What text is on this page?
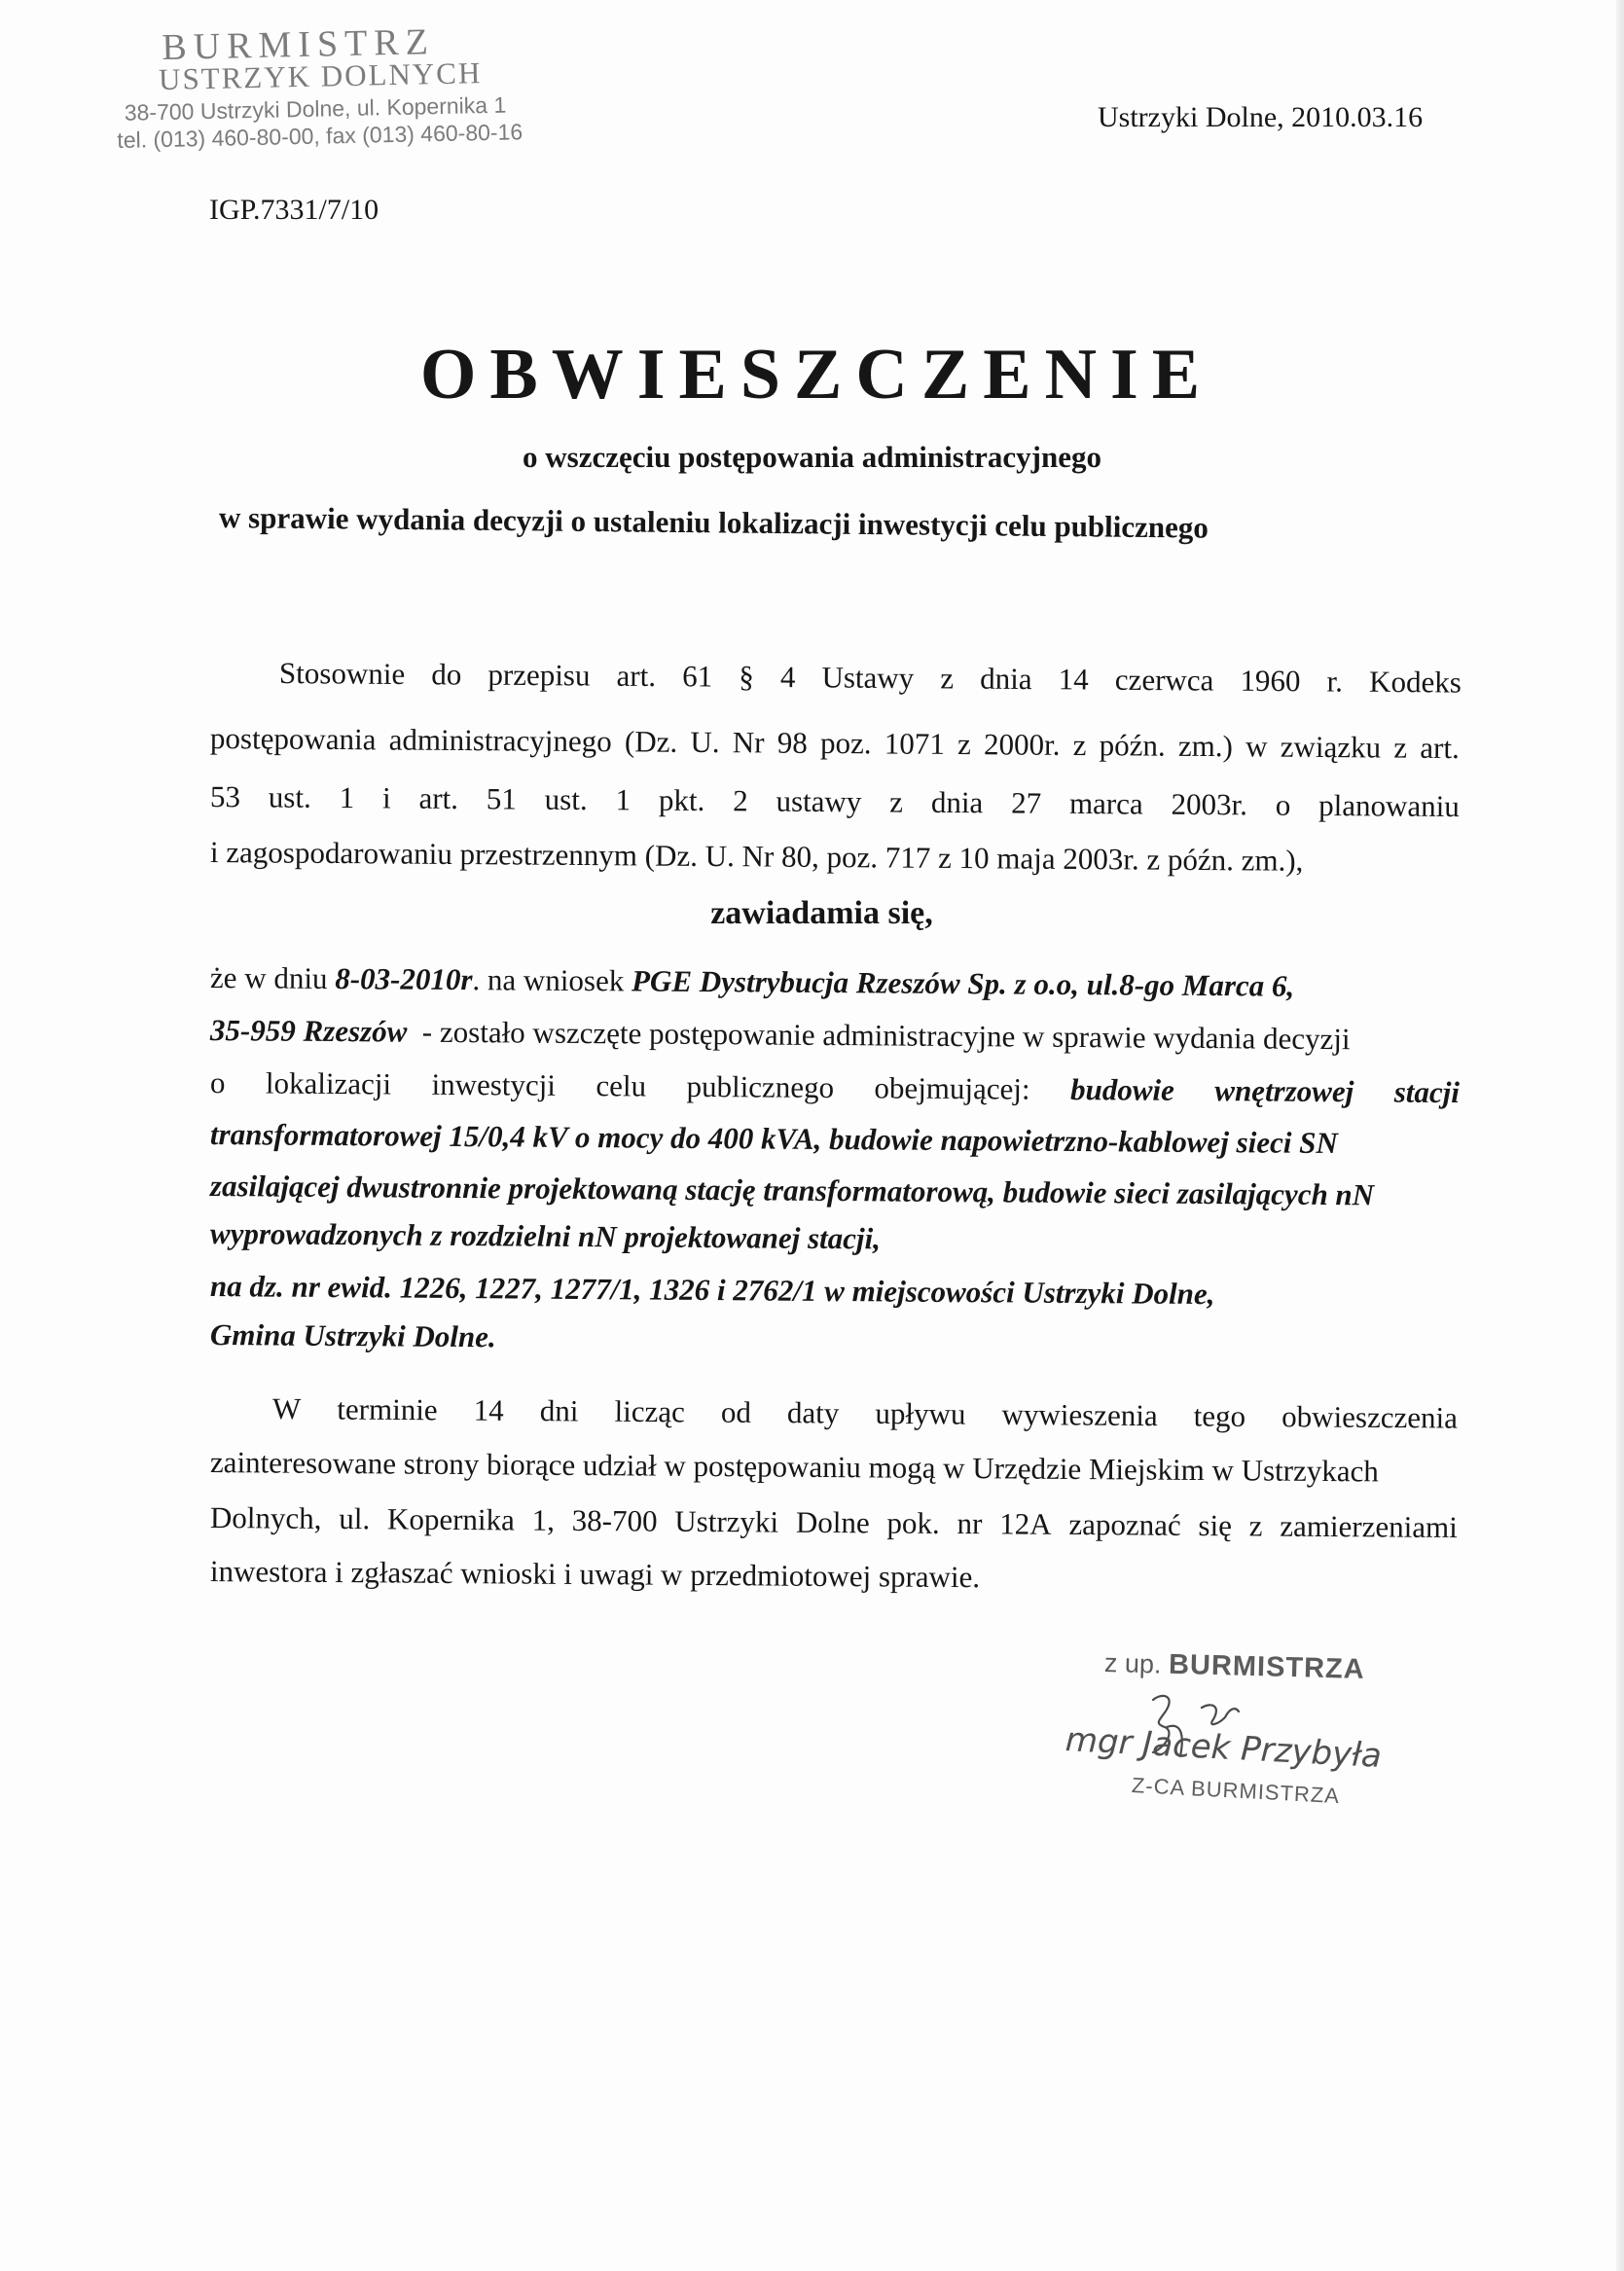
BURMISTRZ
USTRZYK DOLNYCH
38-700 Ustrzyki Dolne, ul. Kopernika 1
tel. (013) 460-80-00, fax (013) 460-80-16
Ustrzyki Dolne, 2010.03.16
IGP.7331/7/10
OBWIESZCZENIE
o wszczęciu postępowania administracyjnego
w sprawie wydania decyzji o ustaleniu lokalizacji inwestycji celu publicznego
Stosownie do przepisu art. 61 § 4 Ustawy z dnia 14 czerwca 1960 r. Kodeks
postępowania administracyjnego (Dz. U. Nr 98 poz. 1071 z 2000r. z późn. zm.) w związku z art.
53 ust. 1 i art. 51 ust. 1 pkt. 2 ustawy z dnia 27 marca 2003r. o planowaniu
i zagospodarowaniu przestrzennym (Dz. U. Nr 80, poz. 717 z 10 maja 2003r. z późn. zm.),
zawiadamia się,
że w dniu 8-03-2010r. na wniosek PGE Dystrybucja Rzeszów Sp. z o.o, ul.8-go Marca 6,
35-959 Rzeszów  - zostało wszczęte postępowanie administracyjne w sprawie wydania decyzji
o lokalizacji inwestycji celu publicznego obejmującej: budowie wnętrzowej stacji
transformatorowej 15/0,4 kV o mocy do 400 kVA, budowie napowietrzno-kablowej sieci SN
zasilającej dwustronnie projektowaną stację transformatorową, budowie sieci zasilających nN
wyprowadzonych z rozdzielni nN projektowanej stacji,
na dz. nr ewid. 1226, 1227, 1277/1, 1326 i 2762/1 w miejscowości Ustrzyki Dolne,
Gmina Ustrzyki Dolne.
W terminie 14 dni licząc od daty upływu wywieszenia tego obwieszczenia
zainteresowane strony biorące udział w postępowaniu mogą w Urzędzie Miejskim w Ustrzykach
Dolnych, ul. Kopernika 1, 38-700 Ustrzyki Dolne pok. nr 12A zapoznać się z zamierzeniami
inwestora i zgłaszać wnioski i uwagi w przedmiotowej sprawie.
z up. BURMISTRZA
mgr Jacek Przybyła
Z-CA BURMISTRZA
